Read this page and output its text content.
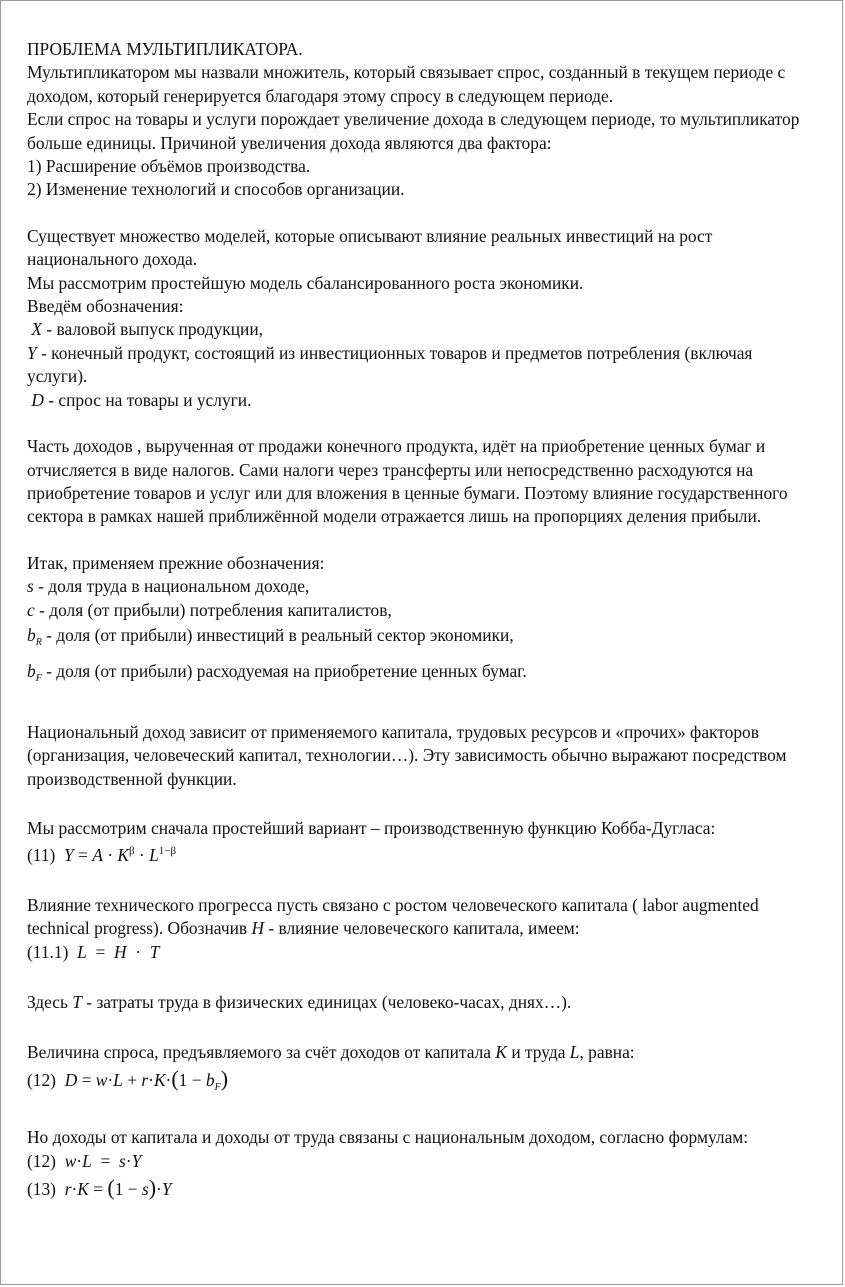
ПРОБЛЕМА МУЛЬТИПЛИКАТОРА.

Мультипликатором мы назвали множитель, который связывает спрос, созданный в текущем периоде с доходом, который генерируется благодаря этому спросу в следующем периоде.

Если спрос на товары и услуги порождает увеличение дохода в следующем периоде, то мультипликатор больше единицы. Причиной увеличения дохода являются два фактора:

1) Расширение объёмов производства.

2) Изменение технологий и способов организации.

Существует множество моделей, которые описывают влияние реальных инвестиций на рост национального дохода.

Мы рассмотрим простейшую модель сбалансированного роста экономики.

Введём обозначения:

X - валовой выпуск продукции,

Y - конечный продукт, состоящий из инвестиционных товаров и предметов потребления (включая услуги).

D - спрос на товары и услуги.

Часть доходов , вырученная от продажи конечного продукта, идёт на приобретение ценных бумаг и отчисляется в виде налогов. Сами налоги через трансферты или непосредственно расходуются на приобретение товаров и услуг или для вложения в ценные бумаги. Поэтому влияние государственного сектора в рамках нашей приближённой модели отражается лишь на пропорциях деления прибыли.

Итак, применяем прежние обозначения:

s - доля труда в национальном доходе,

c - доля (от прибыли) потребления капиталистов,

$b_R$ - доля (от прибыли) инвестиций в реальный сектор экономики,

$b_F$ - доля (от прибыли) расходуемая на приобретение ценных бумаг.

Национальный доход зависит от применяемого капитала, трудовых ресурсов и «прочих» факторов (организация, человеческий капитал, технологии…). Эту зависимость обычно выражают посредством производственной функции.

Мы рассмотрим сначала простейший вариант – производственную функцию Кобба-Дугласа:

(11) $Y = A \cdot K^\beta \cdot L^{1-\beta}$

Влияние технического прогресса пусть связано с ростом человеческого капитала ( labor augmented technical progress). Обозначив H - влияние человеческого капитала, имеем:

(11.1) L  =  H  ·  T

Здесь T - затраты труда в физических единицах (человеко-часах, днях…).

Величина спроса, предъявляемого за счёт доходов от капитала K и труда L, равна:

(12) $D = w\cdot L + r\cdot K\cdot(1 - b_F)$

Но доходы от капитала и доходы от труда связаны с национальным доходом, согласно формулам:

(12) w·L  =  s·Y

(13) r·K = (1 − s)·Y
